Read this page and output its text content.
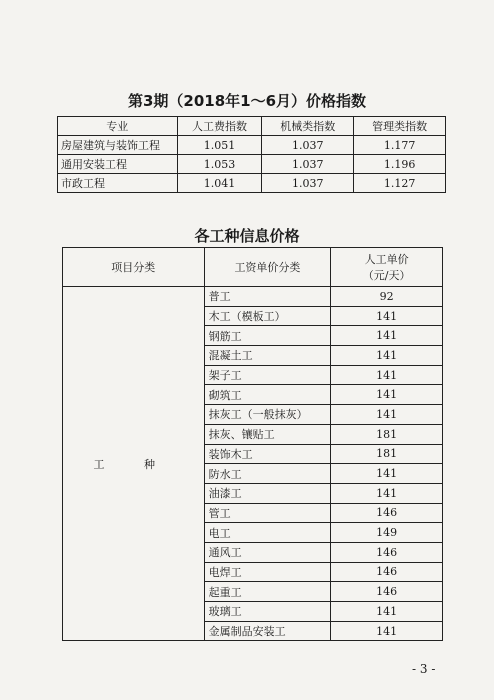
第3期（2018年1～6月）价格指数
专业	人工费指数	机械类指数	管理类指数
房屋建筑与装饰工程	1.051	1.037	1.177
通用安装工程	1.053	1.037	1.196
市政工程	1.041	1.037	1.127
各工种信息价格
项目分类	工资单价分类	人工单价
（元/天）

工 种	普工	92
	木工（模板工）	141
	钢筋工	141
	混凝土工	141
	架子工	141
	砌筑工	141
	抹灰工（一般抹灰）	141
	抹灰、镶贴工	181
	装饰木工	181
	防水工	141
	油漆工	141
	管工	146
	电工	149
	通风工	146
	电焊工	146
	起重工	146
	玻璃工	141
	金属制品安装工	141
- 3 -
